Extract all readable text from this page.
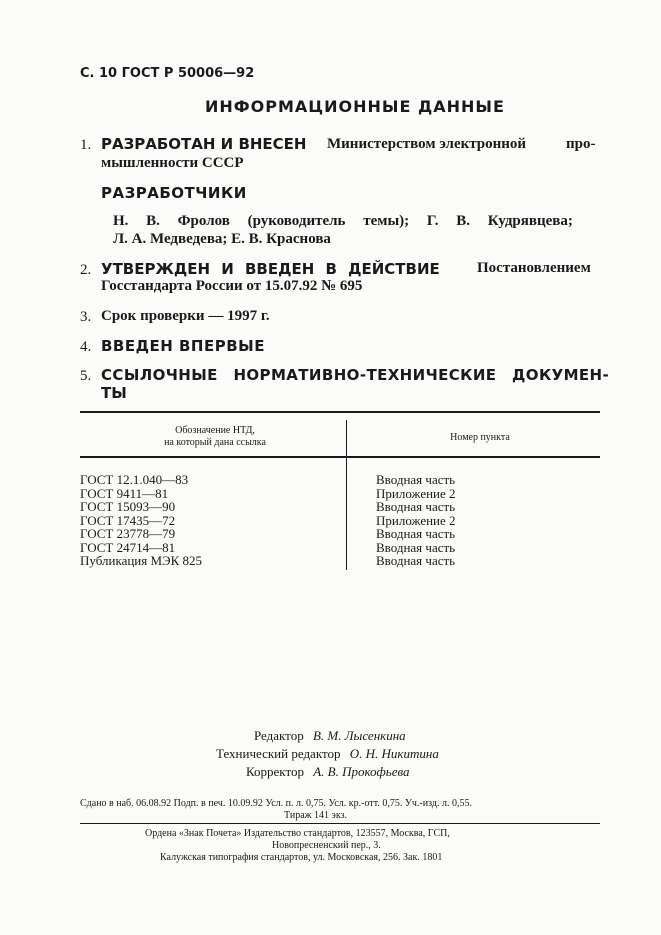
С. 10 ГОСТ Р 50006—92
ИНФОРМАЦИОННЫЕ ДАННЫЕ
1. РАЗРАБОТАН И ВНЕСЕН Министерством электронной	про-
мышленности СССР
РАЗРАБОТЧИКИ
Н. В. Фролов (руководитель темы); Г. В. Кудрявцева;
Л. А. Медведева; Е. В. Краснова
2. УТВЕРЖДЕН И ВВЕДЕН В ДЕЙСТВИЕ Постановлением
Госстандарта России от 15.07.92 № 695
3. Срок проверки — 1997 г.
4. ВВЕДЕН ВПЕРВЫЕ
5. ССЫЛОЧНЫЕ НОРМАТИВНО-ТЕХНИЧЕСКИЕ ДОКУМЕН-
ТЫ
Обозначение НТД,
на который дана ссылка	Номер пункта
ГОСТ 12.1.040—83
ГОСТ 9411—81
ГОСТ 15093—90
ГОСТ 17435—72
ГОСТ 23778—79
ГОСТ 24714—81
Публикация МЭК 825
Вводная часть
Приложение 2
Вводная часть
Приложение 2
Вводная часть
Вводная часть
Вводная часть
Редактор В. М. Лысенкина
Технический редактор О. Н. Никитина
Корректор А. В. Прокофьева
Сдано в наб. 06.08.92 Подп. в печ. 10.09.92 Усл. п. л. 0,75. Усл. кр.-отт. 0,75. Уч.-изд. л. 0,55.
Тираж 141 экз.
Ордена «Знак Почета» Издательство стандартов, 123557, Москва, ГСП,
Новопресненский пер., 3.
Калужская типография стандартов, ул. Московская, 256. Зак. 1801
